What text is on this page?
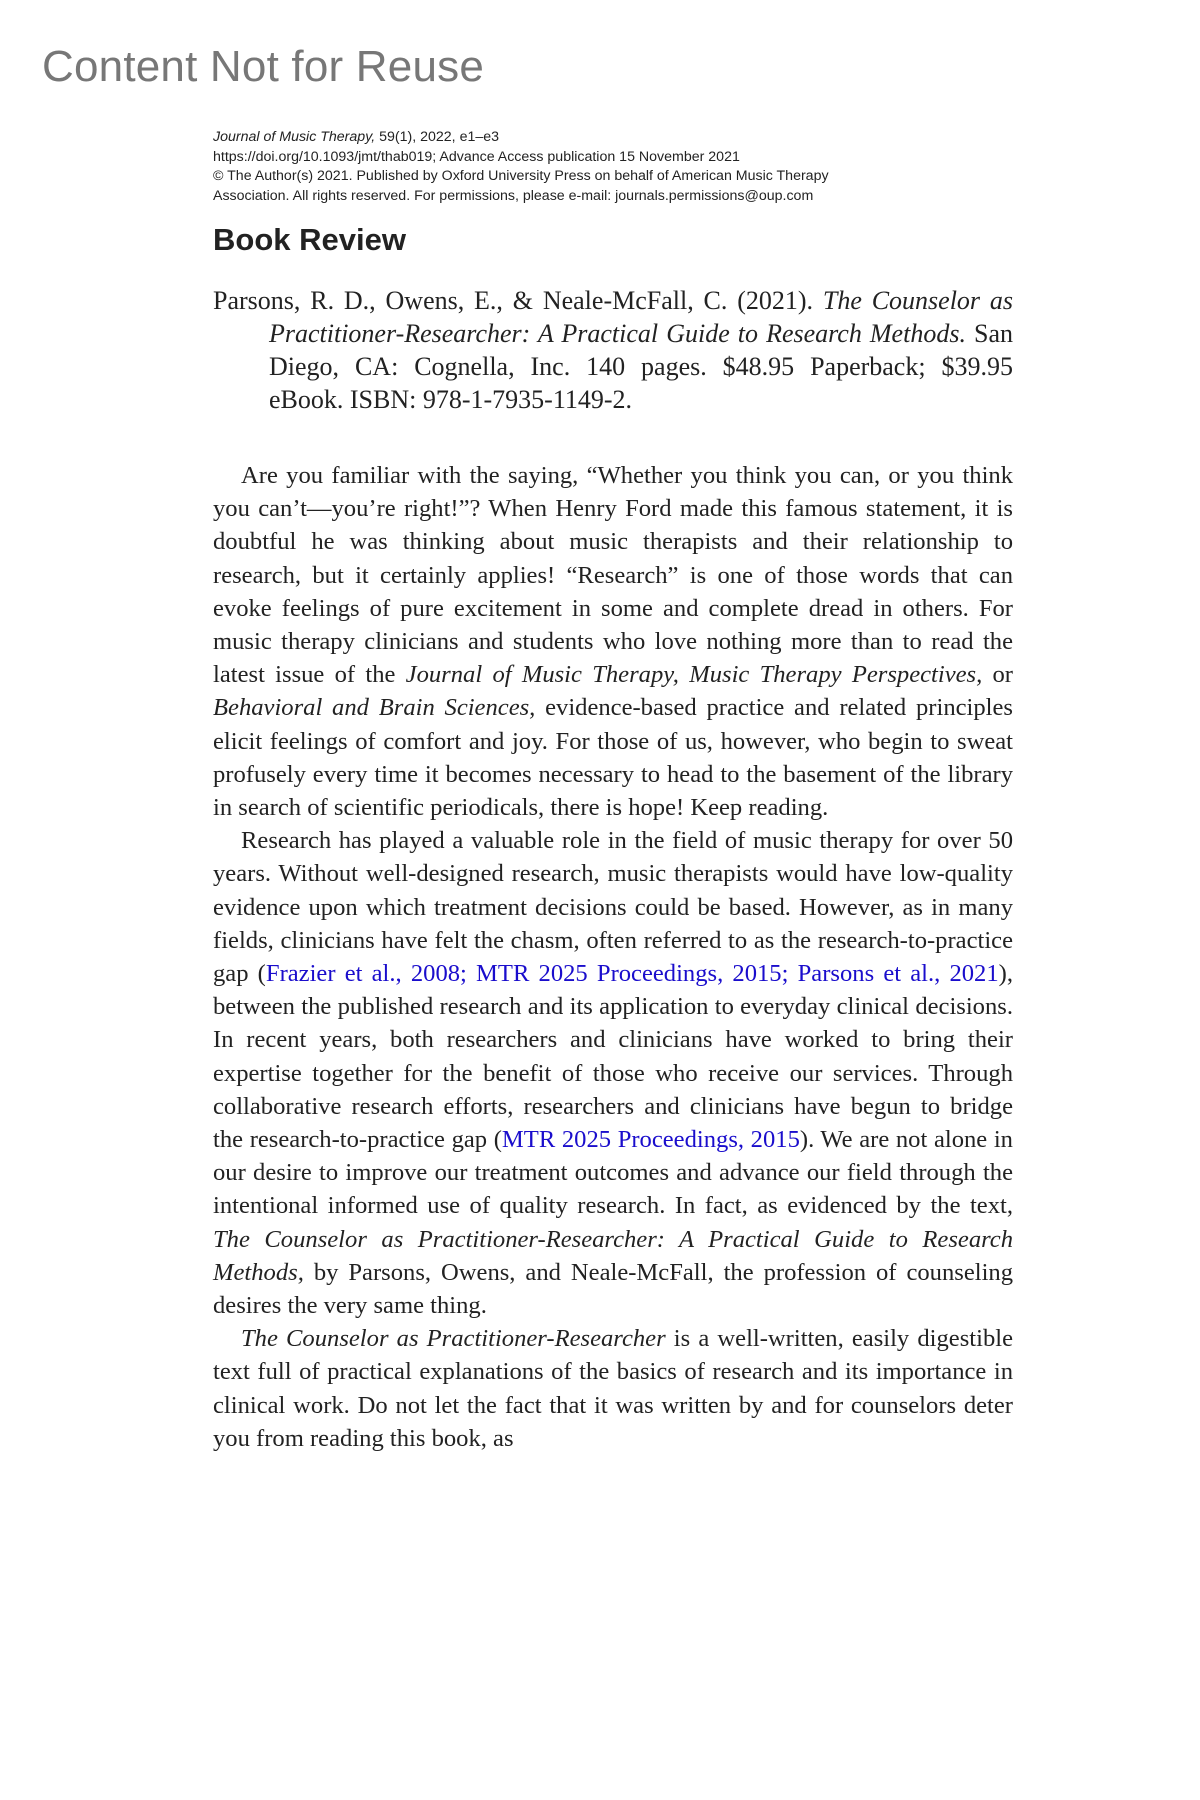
Content Not for Reuse
Journal of Music Therapy, 59(1), 2022, e1–e3
https://doi.org/10.1093/jmt/thab019; Advance Access publication 15 November 2021
© The Author(s) 2021. Published by Oxford University Press on behalf of American Music Therapy
Association. All rights reserved. For permissions, please e-mail: journals.permissions@oup.com
Book Review
Parsons, R. D., Owens, E., & Neale-McFall, C. (2021). The Counselor as Practitioner-Researcher: A Practical Guide to Research Methods. San Diego, CA: Cognella, Inc. 140 pages. $48.95 Paperback; $39.95 eBook. ISBN: 978-1-7935-1149-2.

Are you familiar with the saying, “Whether you think you can, or you think you can’t—you’re right!”? When Henry Ford made this famous statement, it is doubtful he was thinking about music therapists and their relationship to research, but it certainly applies! “Research” is one of those words that can evoke feelings of pure excitement in some and complete dread in others. For music therapy clinicians and students who love nothing more than to read the latest issue of the Journal of Music Therapy, Music Therapy Perspectives, or Behavioral and Brain Sciences, evidence-based practice and related principles elicit feelings of comfort and joy. For those of us, however, who begin to sweat profusely every time it becomes necessary to head to the basement of the library in search of scientific periodicals, there is hope! Keep reading.

Research has played a valuable role in the field of music therapy for over 50 years. Without well-designed research, music therapists would have low-quality evidence upon which treatment decisions could be based. However, as in many fields, clinicians have felt the chasm, often referred to as the research-to-practice gap (Frazier et al., 2008; MTR 2025 Proceedings, 2015; Parsons et al., 2021), between the published research and its application to everyday clinical decisions. In recent years, both researchers and clinicians have worked to bring their expertise together for the benefit of those who receive our services. Through collaborative research efforts, researchers and clinicians have begun to bridge the research-to-practice gap (MTR 2025 Proceedings, 2015). We are not alone in our desire to improve our treatment outcomes and advance our field through the intentional informed use of quality research. In fact, as evidenced by the text, The Counselor as Practitioner-Researcher: A Practical Guide to Research Methods, by Parsons, Owens, and Neale-McFall, the profession of counseling desires the very same thing.

The Counselor as Practitioner-Researcher is a well-written, easily digestible text full of practical explanations of the basics of research and its importance in clinical work. Do not let the fact that it was written by and for counselors deter you from reading this book, as
